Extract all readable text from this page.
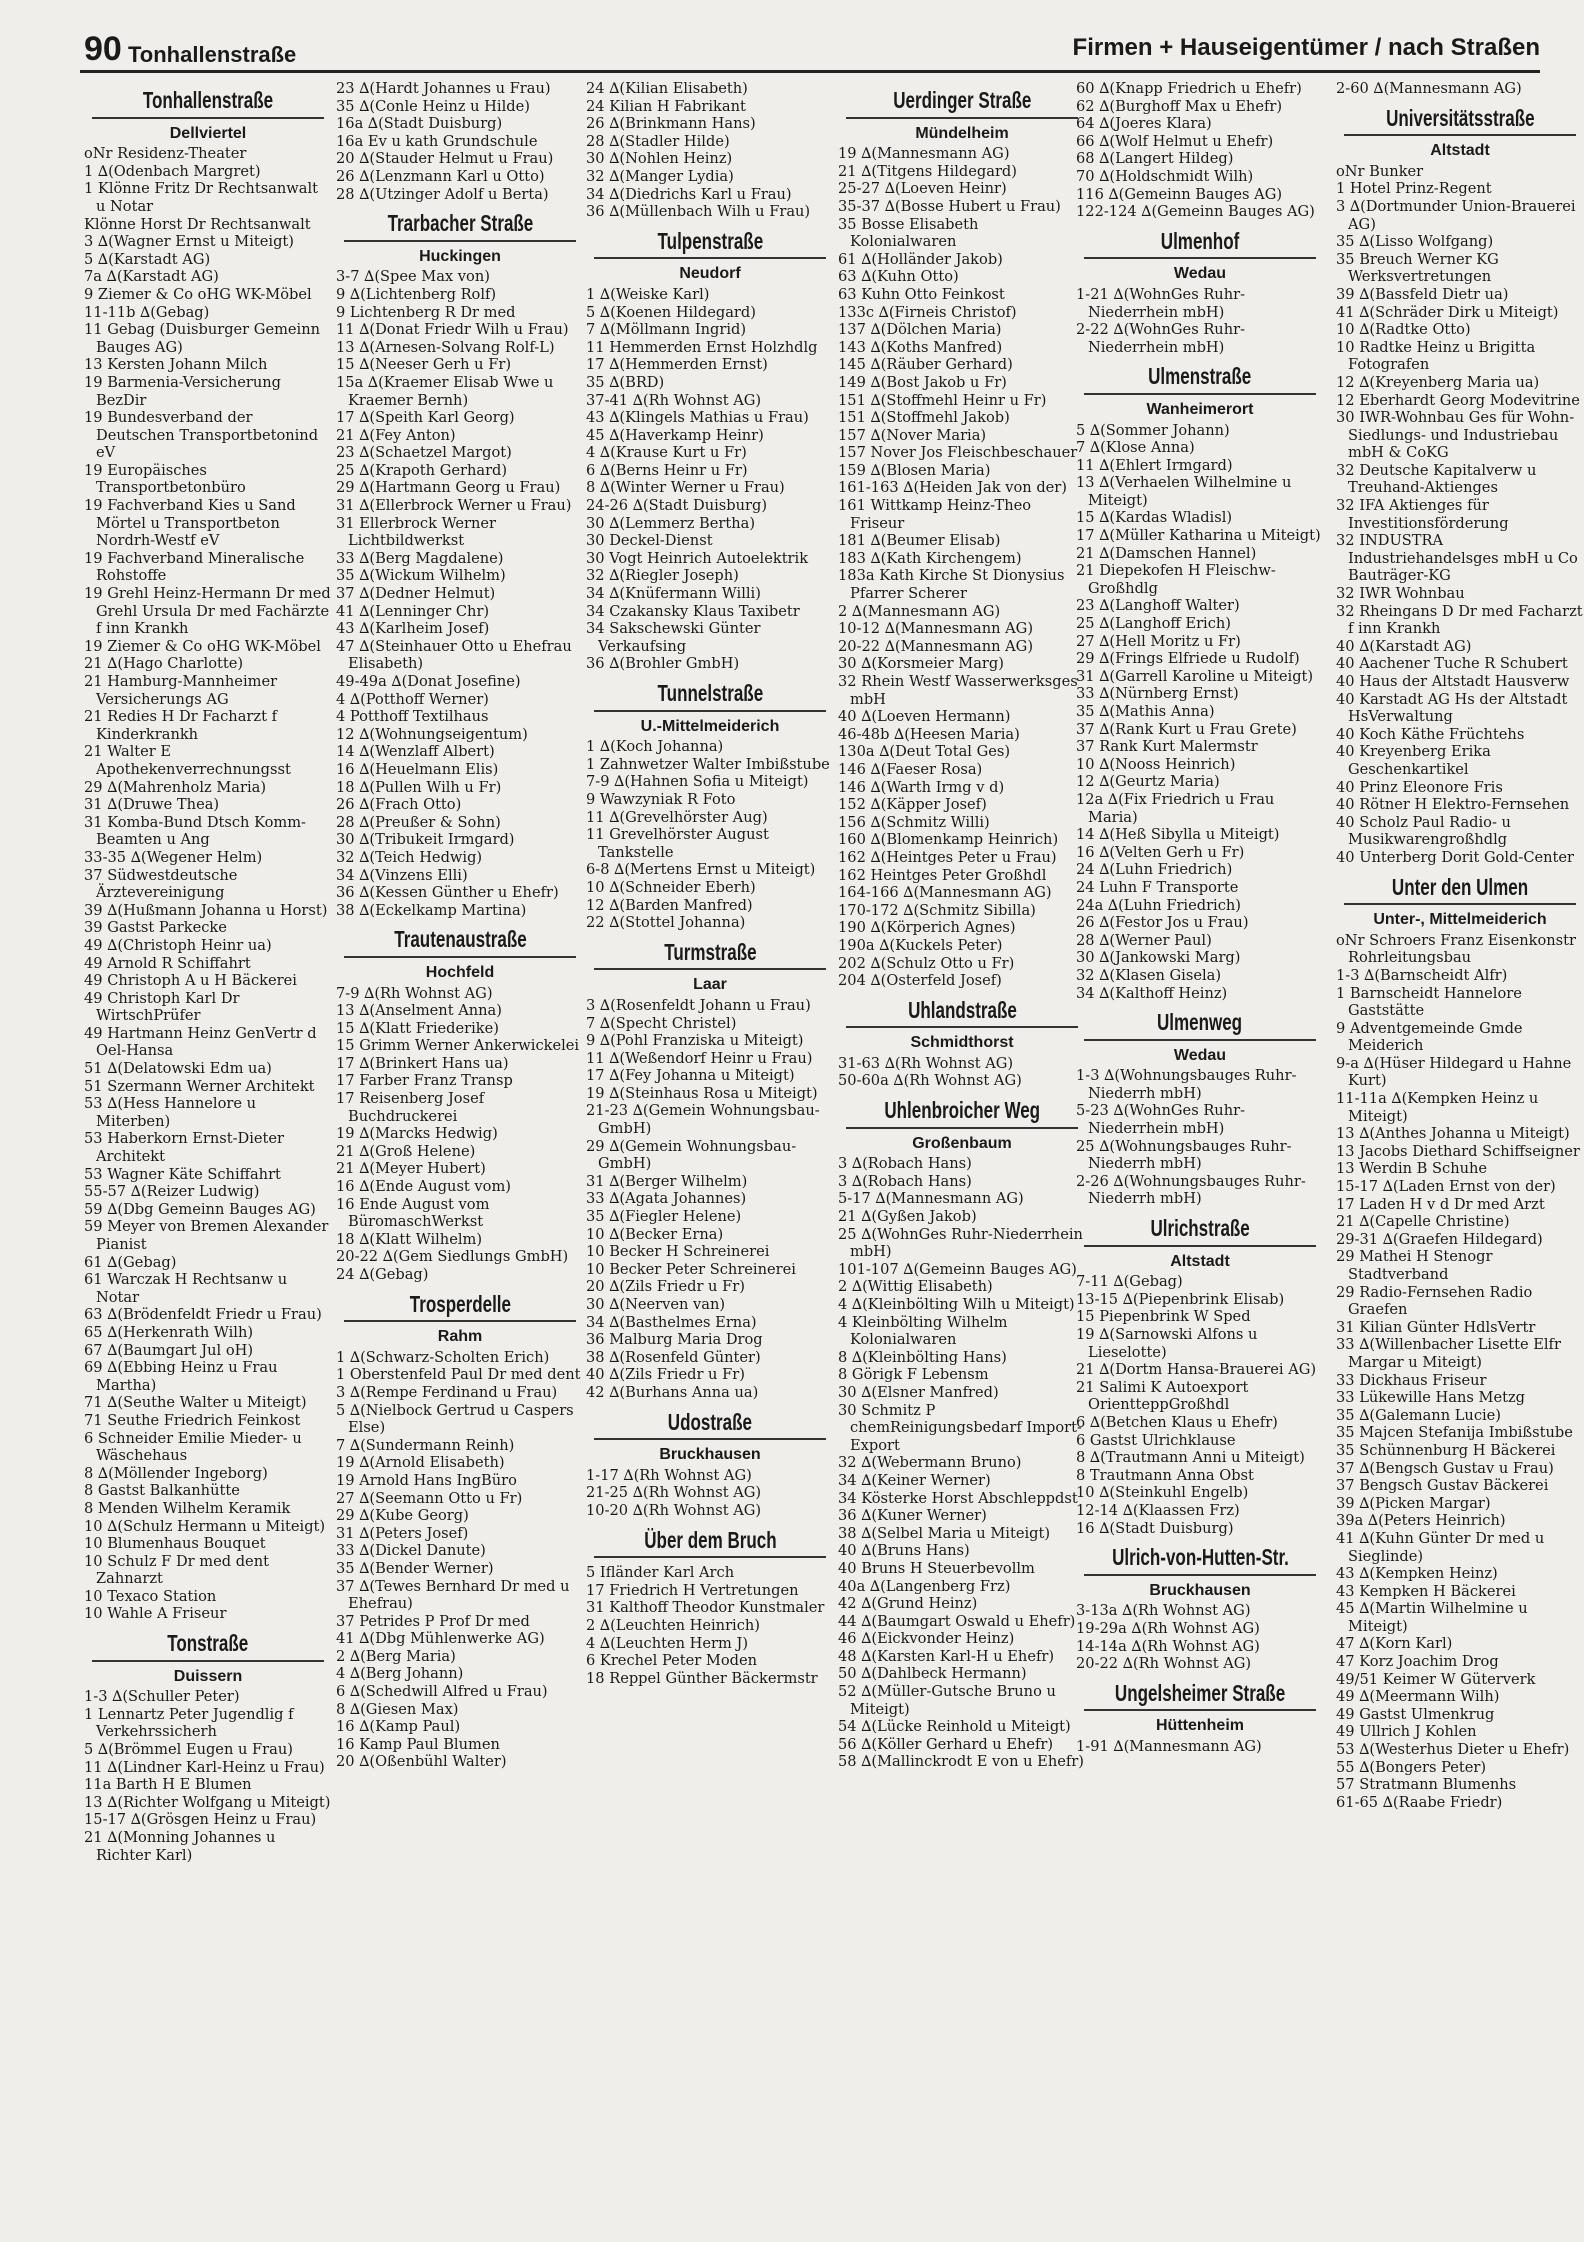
90 Tonhallenstraße	Firmen + Hauseigentümer / nach Straßen
Tonhallenstraße
Dellviertel
oNr Residenz-Theater
1 ∆(Odenbach Margret)
1 Klönne Fritz Dr Rechtsanwalt u Notar
Klönne Horst Dr Rechtsanwalt
3 ∆(Wagner Ernst u Miteigt)
5 ∆(Karstadt AG)
7a ∆(Karstadt AG)
9 Ziemer & Co oHG WK-Möbel
11-11b ∆(Gebag)
11 Gebag (Duisburger Gemeinn Bauges AG)
13 Kersten Johann Milch
19 Barmenia-Versicherung BezDir
19 Bundesverband der Deutschen Transportbetonind eV
19 Europäisches Transportbetonbüro
19 Fachverband Kies u Sand Mörtel u Transportbeton Nordrh-Westf eV
19 Fachverband Mineralische Rohstoffe
19 Grehl Heinz-Hermann Dr med Grehl Ursula Dr med Fachärzte f inn Krankh
19 Ziemer & Co oHG WK-Möbel
21 ∆(Hago Charlotte)
21 Hamburg-Mannheimer Versicherungs AG
21 Redies H Dr Facharzt f Kinderkrankh
21 Walter E Apothekenverrechnungsst
29 ∆(Mahrenholz Maria)
31 ∆(Druwe Thea)
31 Komba-Bund Dtsch Komm-Beamten u Ang
33-35 ∆(Wegener Helm)
37 Südwestdeutsche Ärztevereinigung
39 ∆(Hußmann Johanna u Horst)
39 Gastst Parkecke
49 ∆(Christoph Heinr ua)
49 Arnold R Schiffahrt
49 Christoph A u H Bäckerei
49 Christoph Karl Dr WirtschPrüfer
49 Hartmann Heinz GenVertr d Oel-Hansa
51 ∆(Delatowski Edm ua)
51 Szermann Werner Architekt
53 ∆(Hess Hannelore u Miterben)
53 Haberkorn Ernst-Dieter Architekt
53 Wagner Käte Schiffahrt
55-57 ∆(Reizer Ludwig)
59 ∆(Dbg Gemeinn Bauges AG)
59 Meyer von Bremen Alexander Pianist
61 ∆(Gebag)
61 Warczak H Rechtsanw u Notar
63 ∆(Brödenfeldt Friedr u Frau)
65 ∆(Herkenrath Wilh)
67 ∆(Baumgart Jul oH)
69 ∆(Ebbing Heinz u Frau Martha)
71 ∆(Seuthe Walter u Miteigt)
71 Seuthe Friedrich Feinkost
6 Schneider Emilie Mieder- u Wäschehaus
8 ∆(Möllender Ingeborg)
8 Gastst Balkanhütte
8 Menden Wilhelm Keramik
10 ∆(Schulz Hermann u Miteigt)
10 Blumenhaus Bouquet
10 Schulz F Dr med dent Zahnarzt
10 Texaco Station
10 Wahle A Friseur
Tonstraße
Duissern
1-3 ∆(Schuller Peter)
1 Lennartz Peter Jugendlig f Verkehrssicherh
5 ∆(Brömmel Eugen u Frau)
11 ∆(Lindner Karl-Heinz u Frau)
11a Barth H E Blumen
13 ∆(Richter Wolfgang u Miteigt)
15-17 ∆(Grösgen Heinz u Frau)
21 ∆(Monning Johannes u Richter Karl)
23 ∆(Hardt Johannes u Frau)
35 ∆(Conle Heinz u Hilde)
16a ∆(Stadt Duisburg)
16a Ev u kath Grundschule
20 ∆(Stauder Helmut u Frau)
26 ∆(Lenzmann Karl u Otto)
28 ∆(Utzinger Adolf u Berta)
Trarbacher Straße
Huckingen
3-7 ∆(Spee Max von)
9 ∆(Lichtenberg Rolf)
9 Lichtenberg R Dr med
11 ∆(Donat Friedr Wilh u Frau)
13 ∆(Arnesen-Solvang Rolf-L)
15 ∆(Neeser Gerh u Fr)
15a ∆(Kraemer Elisab Wwe u Kraemer Bernh)
17 ∆(Speith Karl Georg)
21 ∆(Fey Anton)
23 ∆(Schaetzel Margot)
25 ∆(Krapoth Gerhard)
29 ∆(Hartmann Georg u Frau)
31 ∆(Ellerbrock Werner u Frau)
31 Ellerbrock Werner Lichtbildwerkst
33 ∆(Berg Magdalene)
35 ∆(Wickum Wilhelm)
37 ∆(Dedner Helmut)
41 ∆(Lenninger Chr)
43 ∆(Karlheim Josef)
47 ∆(Steinhauer Otto u Ehefrau Elisabeth)
49-49a ∆(Donat Josefine)
4 ∆(Potthoff Werner)
4 Potthoff Textilhaus
12 ∆(Wohnungseigentum)
14 ∆(Wenzlaff Albert)
16 ∆(Heuelmann Elis)
18 ∆(Pullen Wilh u Fr)
26 ∆(Frach Otto)
28 ∆(Preußer & Sohn)
30 ∆(Tribukeit Irmgard)
32 ∆(Teich Hedwig)
34 ∆(Vinzens Elli)
36 ∆(Kessen Günther u Ehefr)
38 ∆(Eckelkamp Martina)
Trautenaustraße
Hochfeld
7-9 ∆(Rh Wohnst AG)
13 ∆(Anselment Anna)
15 ∆(Klatt Friederike)
15 Grimm Werner Ankerwickelei
17 ∆(Brinkert Hans ua)
17 Farber Franz Transp
17 Reisenberg Josef Buchdruckerei
19 ∆(Marcks Hedwig)
21 ∆(Groß Helene)
21 ∆(Meyer Hubert)
16 ∆(Ende August vom)
16 Ende August vom BüromaschWerkst
18 ∆(Klatt Wilhelm)
20-22 ∆(Gem Siedlungs GmbH)
24 ∆(Gebag)
Trosperdelle
Rahm
1 ∆(Schwarz-Scholten Erich)
1 Oberstenfeld Paul Dr med dent
3 ∆(Rempe Ferdinand u Frau)
5 ∆(Nielbock Gertrud u Caspers Else)
7 ∆(Sundermann Reinh)
19 ∆(Arnold Elisabeth)
19 Arnold Hans IngBüro
27 ∆(Seemann Otto u Fr)
29 ∆(Kube Georg)
31 ∆(Peters Josef)
33 ∆(Dickel Danute)
35 ∆(Bender Werner)
37 ∆(Tewes Bernhard Dr med u Ehefrau)
37 Petrides P Prof Dr med
41 ∆(Dbg Mühlenwerke AG)
2 ∆(Berg Maria)
4 ∆(Berg Johann)
6 ∆(Schedwill Alfred u Frau)
8 ∆(Giesen Max)
16 ∆(Kamp Paul)
16 Kamp Paul Blumen
20 ∆(Oßenbühl Walter)
24 ∆(Kilian Elisabeth)
24 Kilian H Fabrikant
26 ∆(Brinkmann Hans)
28 ∆(Stadler Hilde)
30 ∆(Nohlen Heinz)
32 ∆(Manger Lydia)
34 ∆(Diedrichs Karl u Frau)
36 ∆(Müllenbach Wilh u Frau)
Tulpenstraße
Neudorf
1 ∆(Weiske Karl)
5 ∆(Koenen Hildegard)
7 ∆(Möllmann Ingrid)
11 Hemmerden Ernst Holzhdlg
17 ∆(Hemmerden Ernst)
35 ∆(BRD)
37-41 ∆(Rh Wohnst AG)
43 ∆(Klingels Mathias u Frau)
45 ∆(Haverkamp Heinr)
4 ∆(Krause Kurt u Fr)
6 ∆(Berns Heinr u Fr)
8 ∆(Winter Werner u Frau)
24-26 ∆(Stadt Duisburg)
30 ∆(Lemmerz Bertha)
30 Deckel-Dienst
30 Vogt Heinrich Autoelektrik
32 ∆(Riegler Joseph)
34 ∆(Knüfermann Willi)
34 Czakansky Klaus Taxibetr
34 Sakschewski Günter Verkaufsing
36 ∆(Brohler GmbH)
Tunnelstraße
U.-Mittelmeiderich
1 ∆(Koch Johanna)
1 Zahnwetzer Walter Imbißstube
7-9 ∆(Hahnen Sofia u Miteigt)
9 Wawzyniak R Foto
11 ∆(Grevelhörster Aug)
11 Grevelhörster August Tankstelle
6-8 ∆(Mertens Ernst u Miteigt)
10 ∆(Schneider Eberh)
12 ∆(Barden Manfred)
22 ∆(Stottel Johanna)
Turmstraße
Laar
3 ∆(Rosenfeldt Johann u Frau)
7 ∆(Specht Christel)
9 ∆(Pohl Franziska u Miteigt)
11 ∆(Weßendorf Heinr u Frau)
17 ∆(Fey Johanna u Miteigt)
19 ∆(Steinhaus Rosa u Miteigt)
21-23 ∆(Gemein Wohnungsbau-GmbH)
29 ∆(Gemein Wohnungsbau-GmbH)
31 ∆(Berger Wilhelm)
33 ∆(Agata Johannes)
35 ∆(Fiegler Helene)
10 ∆(Becker Erna)
10 Becker H Schreinerei
10 Becker Peter Schreinerei
20 ∆(Zils Friedr u Fr)
30 ∆(Neerven van)
34 ∆(Basthelmes Erna)
36 Malburg Maria Drog
38 ∆(Rosenfeld Günter)
40 ∆(Zils Friedr u Fr)
42 ∆(Burhans Anna ua)
Udostraße
Bruckhausen
1-17 ∆(Rh Wohnst AG)
21-25 ∆(Rh Wohnst AG)
10-20 ∆(Rh Wohnst AG)
Über dem Bruch
5 Ifländer Karl Arch
17 Friedrich H Vertretungen
31 Kalthoff Theodor Kunstmaler
2 ∆(Leuchten Heinrich)
4 ∆(Leuchten Herm J)
6 Krechel Peter Moden
18 Reppel Günther Bäckermstr
Uerdinger Straße
Mündelheim
19 ∆(Mannesmann AG)
21 ∆(Titgens Hildegard)
25-27 ∆(Loeven Heinr)
35-37 ∆(Bosse Hubert u Frau)
35 Bosse Elisabeth Kolonialwaren
61 ∆(Holländer Jakob)
63 ∆(Kuhn Otto)
63 Kuhn Otto Feinkost
133c ∆(Firneis Christof)
137 ∆(Dölchen Maria)
143 ∆(Koths Manfred)
145 ∆(Räuber Gerhard)
149 ∆(Bost Jakob u Fr)
151 ∆(Stoffmehl Heinr u Fr)
151 ∆(Stoffmehl Jakob)
157 ∆(Nover Maria)
157 Nover Jos Fleischbeschauer
159 ∆(Blosen Maria)
161-163 ∆(Heiden Jak von der)
161 Wittkamp Heinz-Theo Friseur
181 ∆(Beumer Elisab)
183 ∆(Kath Kirchengem)
183a Kath Kirche St Dionysius Pfarrer Scherer
2 ∆(Mannesmann AG)
10-12 ∆(Mannesmann AG)
20-22 ∆(Mannesmann AG)
30 ∆(Korsmeier Marg)
32 Rhein Westf Wasserwerksges mbH
40 ∆(Loeven Hermann)
46-48b ∆(Heesen Maria)
130a ∆(Deut Total Ges)
146 ∆(Faeser Rosa)
146 ∆(Warth Irmg v d)
152 ∆(Käpper Josef)
156 ∆(Schmitz Willi)
160 ∆(Blomenkamp Heinrich)
162 ∆(Heintges Peter u Frau)
162 Heintges Peter Großhdl
164-166 ∆(Mannesmann AG)
170-172 ∆(Schmitz Sibilla)
190 ∆(Körperich Agnes)
190a ∆(Kuckels Peter)
202 ∆(Schulz Otto u Fr)
204 ∆(Osterfeld Josef)
Uhlandstraße
Schmidthorst
31-63 ∆(Rh Wohnst AG)
50-60a ∆(Rh Wohnst AG)
Uhlenbroicher Weg
Großenbaum
3 ∆(Robach Hans)
3 ∆(Robach Hans)
5-17 ∆(Mannesmann AG)
21 ∆(Gyßen Jakob)
25 ∆(WohnGes Ruhr-Niederrhein mbH)
101-107 ∆(Gemeinn Bauges AG)
2 ∆(Wittig Elisabeth)
4 ∆(Kleinbölting Wilh u Miteigt)
4 Kleinbölting Wilhelm Kolonialwaren
8 ∆(Kleinbölting Hans)
8 Görigk F Lebensm
30 ∆(Elsner Manfred)
30 Schmitz P chemReinigungsbedarf Import-Export
32 ∆(Webermann Bruno)
34 ∆(Keiner Werner)
34 Kösterke Horst Abschleppdst
36 ∆(Kuner Werner)
38 ∆(Selbel Maria u Miteigt)
40 ∆(Bruns Hans)
40 Bruns H Steuerbevollm
40a ∆(Langenberg Frz)
42 ∆(Grund Heinz)
44 ∆(Baumgart Oswald u Ehefr)
46 ∆(Eickvonder Heinz)
48 ∆(Karsten Karl-H u Ehefr)
50 ∆(Dahlbeck Hermann)
52 ∆(Müller-Gutsche Bruno u Miteigt)
54 ∆(Lücke Reinhold u Miteigt)
56 ∆(Köller Gerhard u Ehefr)
58 ∆(Mallinckrodt E von u Ehefr)
60 ∆(Knapp Friedrich u Ehefr)
62 ∆(Burghoff Max u Ehefr)
64 ∆(Joeres Klara)
66 ∆(Wolf Helmut u Ehefr)
68 ∆(Langert Hildeg)
70 ∆(Holdschmidt Wilh)
116 ∆(Gemeinn Bauges AG)
122-124 ∆(Gemeinn Bauges AG)
Ulmenhof
Wedau
1-21 ∆(WohnGes Ruhr-Niederrhein mbH)
2-22 ∆(WohnGes Ruhr-Niederrhein mbH)
Ulmenstraße
Wanheimerort
5 ∆(Sommer Johann)
7 ∆(Klose Anna)
11 ∆(Ehlert Irmgard)
13 ∆(Verhaelen Wilhelmine u Miteigt)
15 ∆(Kardas Wladisl)
17 ∆(Müller Katharina u Miteigt)
21 ∆(Damschen Hannel)
21 Diepekofen H Fleischw-Großhdlg
23 ∆(Langhoff Walter)
25 ∆(Langhoff Erich)
27 ∆(Hell Moritz u Fr)
29 ∆(Frings Elfriede u Rudolf)
31 ∆(Garrell Karoline u Miteigt)
33 ∆(Nürnberg Ernst)
35 ∆(Mathis Anna)
37 ∆(Rank Kurt u Frau Grete)
37 Rank Kurt Malermstr
10 ∆(Nooss Heinrich)
12 ∆(Geurtz Maria)
12a ∆(Fix Friedrich u Frau Maria)
14 ∆(Heß Sibylla u Miteigt)
16 ∆(Velten Gerh u Fr)
24 ∆(Luhn Friedrich)
24 Luhn F Transporte
24a ∆(Luhn Friedrich)
26 ∆(Festor Jos u Frau)
28 ∆(Werner Paul)
30 ∆(Jankowski Marg)
32 ∆(Klasen Gisela)
34 ∆(Kalthoff Heinz)
Ulmenweg
Wedau
1-3 ∆(Wohnungsbauges Ruhr-Niederrh mbH)
5-23 ∆(WohnGes Ruhr-Niederrhein mbH)
25 ∆(Wohnungsbauges Ruhr-Niederrh mbH)
2-26 ∆(Wohnungsbauges Ruhr-Niederrh mbH)
Ulrichstraße
Altstadt
7-11 ∆(Gebag)
13-15 ∆(Piepenbrink Elisab)
15 Piepenbrink W Sped
19 ∆(Sarnowski Alfons u Lieselotte)
21 ∆(Dortm Hansa-Brauerei AG)
21 Salimi K Autoexport OrientteppGroßhdl
6 ∆(Betchen Klaus u Ehefr)
6 Gastst Ulrichklause
8 ∆(Trautmann Anni u Miteigt)
8 Trautmann Anna Obst
10 ∆(Steinkuhl Engelb)
12-14 ∆(Klaassen Frz)
16 ∆(Stadt Duisburg)
Ulrich-von-Hutten-Str.
Bruckhausen
3-13a ∆(Rh Wohnst AG)
19-29a ∆(Rh Wohnst AG)
14-14a ∆(Rh Wohnst AG)
20-22 ∆(Rh Wohnst AG)
Ungelsheimer Straße
Hüttenheim
1-91 ∆(Mannesmann AG)
2-60 ∆(Mannesmann AG)
Universitätsstraße
Altstadt
oNr Bunker
1 Hotel Prinz-Regent
3 ∆(Dortmunder Union-Brauerei AG)
35 ∆(Lisso Wolfgang)
35 Breuch Werner KG Werksvertretungen
39 ∆(Bassfeld Dietr ua)
41 ∆(Schräder Dirk u Miteigt)
10 ∆(Radtke Otto)
10 Radtke Heinz u Brigitta Fotografen
12 ∆(Kreyenberg Maria ua)
12 Eberhardt Georg Modevitrine
30 IWR-Wohnbau Ges für Wohn- Siedlungs- und Industriebau mbH & CoKG
32 Deutsche Kapitalverw u Treuhand-Aktienges
32 IFA Aktienges für Investitionsförderung
32 INDUSTRA Industriehandelsges mbH u Co Bauträger-KG
32 IWR Wohnbau
32 Rheingans D Dr med Facharzt f inn Krankh
40 ∆(Karstadt AG)
40 Aachener Tuche R Schubert
40 Haus der Altstadt Hausverw
40 Karstadt AG Hs der Altstadt HsVerwaltung
40 Koch Käthe Früchtehs
40 Kreyenberg Erika Geschenkartikel
40 Prinz Eleonore Fris
40 Rötner H Elektro-Fernsehen
40 Scholz Paul Radio- u Musikwarengroßhdlg
40 Unterberg Dorit Gold-Center
Unter den Ulmen
Unter-, Mittelmeiderich
oNr Schroers Franz Eisenkonstr Rohrleitungsbau
1-3 ∆(Barnscheidt Alfr)
1 Barnscheidt Hannelore Gaststätte
9 Adventgemeinde Gmde Meiderich
9-a ∆(Hüser Hildegard u Hahne Kurt)
11-11a ∆(Kempken Heinz u Miteigt)
13 ∆(Anthes Johanna u Miteigt)
13 Jacobs Diethard Schiffseigner
13 Werdin B Schuhe
15-17 ∆(Laden Ernst von der)
17 Laden H v d Dr med Arzt
21 ∆(Capelle Christine)
29-31 ∆(Graefen Hildegard)
29 Mathei H Stenogr Stadtverband
29 Radio-Fernsehen Radio Graefen
31 Kilian Günter HdlsVertr
33 ∆(Willenbacher Lisette Elfr Margar u Miteigt)
33 Dickhaus Friseur
33 Lükewille Hans Metzg
35 ∆(Galemann Lucie)
35 Majcen Stefanija Imbißstube
35 Schünnenburg H Bäckerei
37 ∆(Bengsch Gustav u Frau)
37 Bengsch Gustav Bäckerei
39 ∆(Picken Margar)
39a ∆(Peters Heinrich)
41 ∆(Kuhn Günter Dr med u Sieglinde)
43 ∆(Kempken Heinz)
43 Kempken H Bäckerei
45 ∆(Martin Wilhelmine u Miteigt)
47 ∆(Korn Karl)
47 Korz Joachim Drog
49/51 Keimer W Güterverk
49 ∆(Meermann Wilh)
49 Gastst Ulmenkrug
49 Ullrich J Kohlen
53 ∆(Westerhus Dieter u Ehefr)
55 ∆(Bongers Peter)
57 Stratmann Blumenhs
61-65 ∆(Raabe Friedr)
